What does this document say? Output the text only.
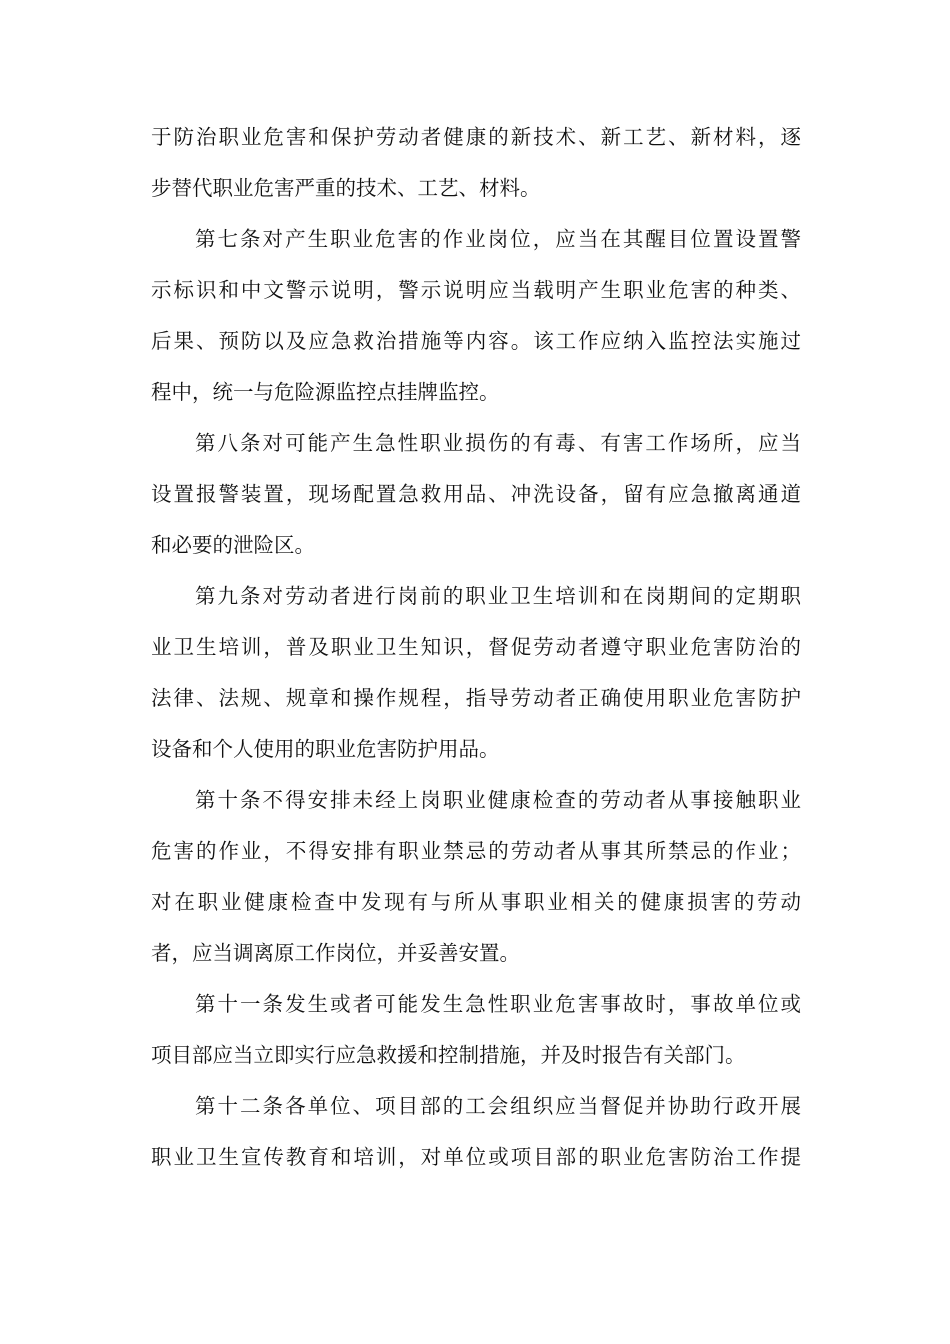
于防治职业危害和保护劳动者健康的新技术、新工艺、新材料，逐
步替代职业危害严重的技术、工艺、材料。
第七条对产生职业危害的作业岗位，应当在其醒目位置设置警
示标识和中文警示说明，警示说明应当载明产生职业危害的种类、
后果、预防以及应急救治措施等内容。该工作应纳入监控法实施过
程中，统一与危险源监控点挂牌监控。
第八条对可能产生急性职业损伤的有毒、有害工作场所，应当
设置报警装置，现场配置急救用品、冲洗设备，留有应急撤离通道
和必要的泄险区。
第九条对劳动者进行岗前的职业卫生培训和在岗期间的定期职
业卫生培训，普及职业卫生知识，督促劳动者遵守职业危害防治的
法律、法规、规章和操作规程，指导劳动者正确使用职业危害防护
设备和个人使用的职业危害防护用品。
第十条不得安排未经上岗职业健康检查的劳动者从事接触职业
危害的作业，不得安排有职业禁忌的劳动者从事其所禁忌的作业；
对在职业健康检查中发现有与所从事职业相关的健康损害的劳动
者，应当调离原工作岗位，并妥善安置。
第十一条发生或者可能发生急性职业危害事故时，事故单位或
项目部应当立即实行应急救援和控制措施，并及时报告有关部门。
第十二条各单位、项目部的工会组织应当督促并协助行政开展
职业卫生宣传教育和培训，对单位或项目部的职业危害防治工作提
